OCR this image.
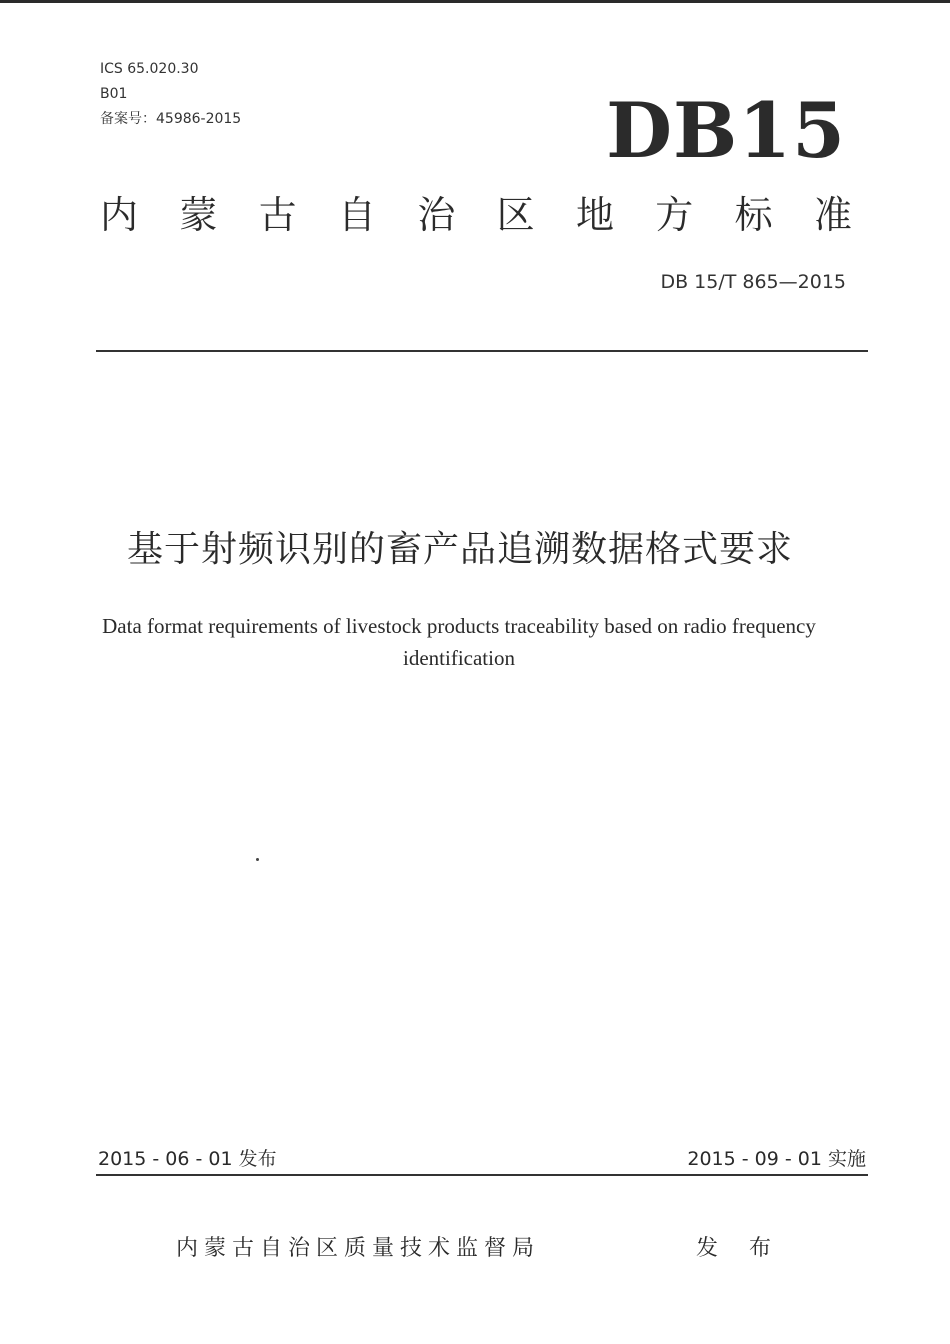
ICS 65.020.30
B01
备案号：45986-2015	DB15
内 蒙 古 自 治 区 地 方 标 准
DB 15/T 865—2015
基于射频识别的畜产品追溯数据格式要求
Data format requirements of livestock products traceability based on radio frequency identification
2015 - 06 - 01 发布	2015 - 09 - 01 实施
内蒙古自治区质量技术监督局	发 布
